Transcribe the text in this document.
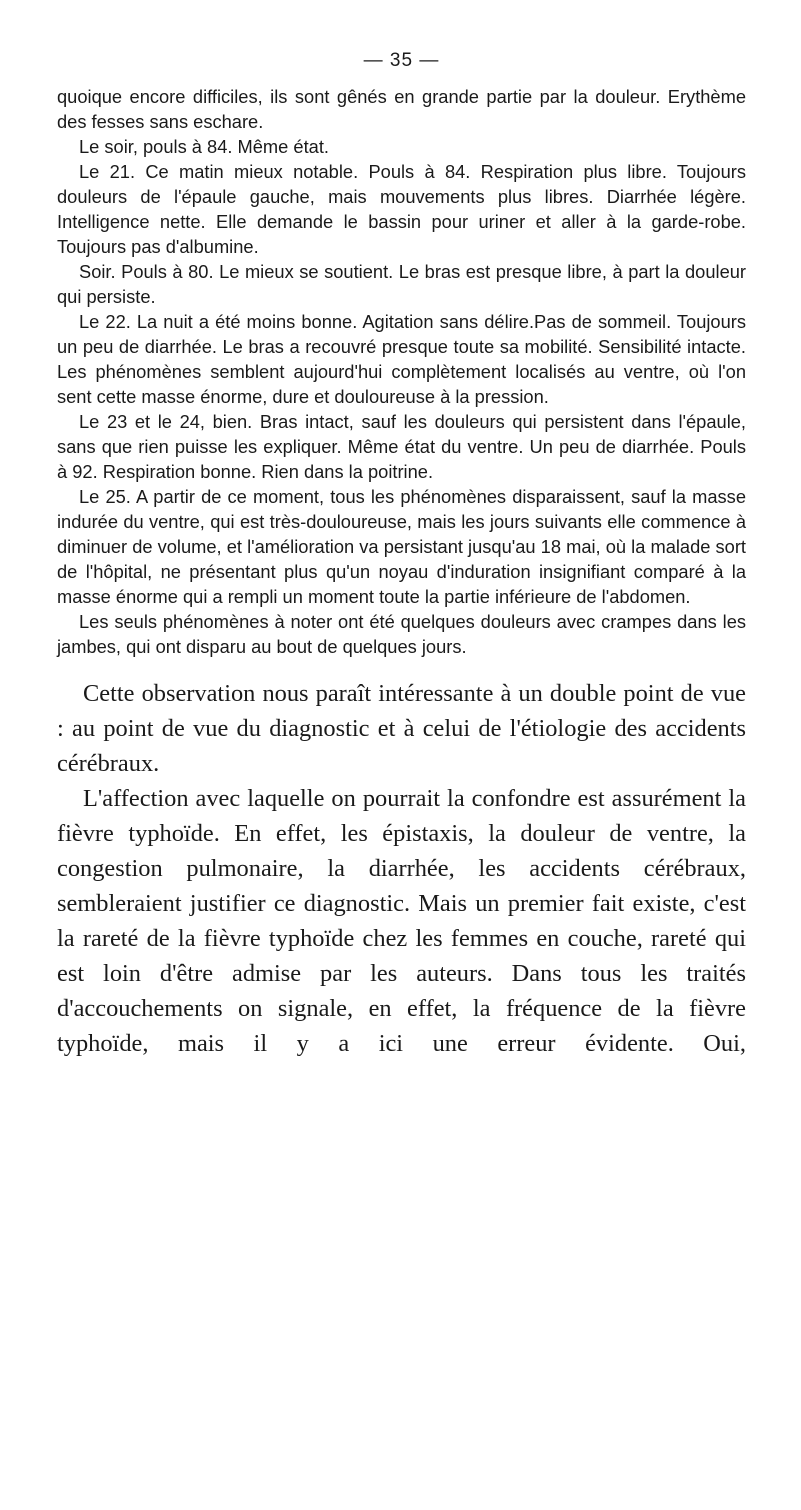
— 35 —

quoique encore difficiles, ils sont gênés en grande partie par la douleur. Erythème des fesses sans eschare.

Le soir, pouls à 84. Même état.

Le 21. Ce matin mieux notable. Pouls à 84. Respiration plus libre. Toujours douleurs de l'épaule gauche, mais mouvements plus libres. Diarrhée légère. Intelligence nette. Elle demande le bassin pour uriner et aller à la garde-robe. Toujours pas d'albumine.

Soir. Pouls à 80. Le mieux se soutient. Le bras est presque libre, à part la douleur qui persiste.

Le 22. La nuit a été moins bonne. Agitation sans délire.Pas de sommeil. Toujours un peu de diarrhée. Le bras a recouvré presque toute sa mobilité. Sensibilité intacte. Les phénomènes semblent aujourd'hui complètement localisés au ventre, où l'on sent cette masse énorme, dure et douloureuse à la pression.

Le 23 et le 24, bien. Bras intact, sauf les douleurs qui persistent dans l'épaule, sans que rien puisse les expliquer. Même état du ventre. Un peu de diarrhée. Pouls à 92. Respiration bonne. Rien dans la poitrine.

Le 25. A partir de ce moment, tous les phénomènes disparaissent, sauf la masse indurée du ventre, qui est très-douloureuse, mais les jours suivants elle commence à diminuer de volume, et l'amélioration va persistant jusqu'au 18 mai, où la malade sort de l'hôpital, ne présentant plus qu'un noyau d'induration insignifiant comparé à la masse énorme qui a rempli un moment toute la partie inférieure de l'abdomen.

Les seuls phénomènes à noter ont été quelques douleurs avec crampes dans les jambes, qui ont disparu au bout de quelques jours.

Cette observation nous paraît intéressante à un double point de vue : au point de vue du diagnostic et à celui de l'étiologie des accidents cérébraux.

L'affection avec laquelle on pourrait la confondre est assurément la fièvre typhoïde. En effet, les épistaxis, la douleur de ventre, la congestion pulmonaire, la diarrhée, les accidents cérébraux, sembleraient justifier ce diagnostic. Mais un premier fait existe, c'est la rareté de la fièvre typhoïde chez les femmes en couche, rareté qui est loin d'être admise par les auteurs. Dans tous les traités d'accouchements on signale, en effet, la fréquence de la fièvre typhoïde, mais il y a ici une erreur évidente. Oui,
